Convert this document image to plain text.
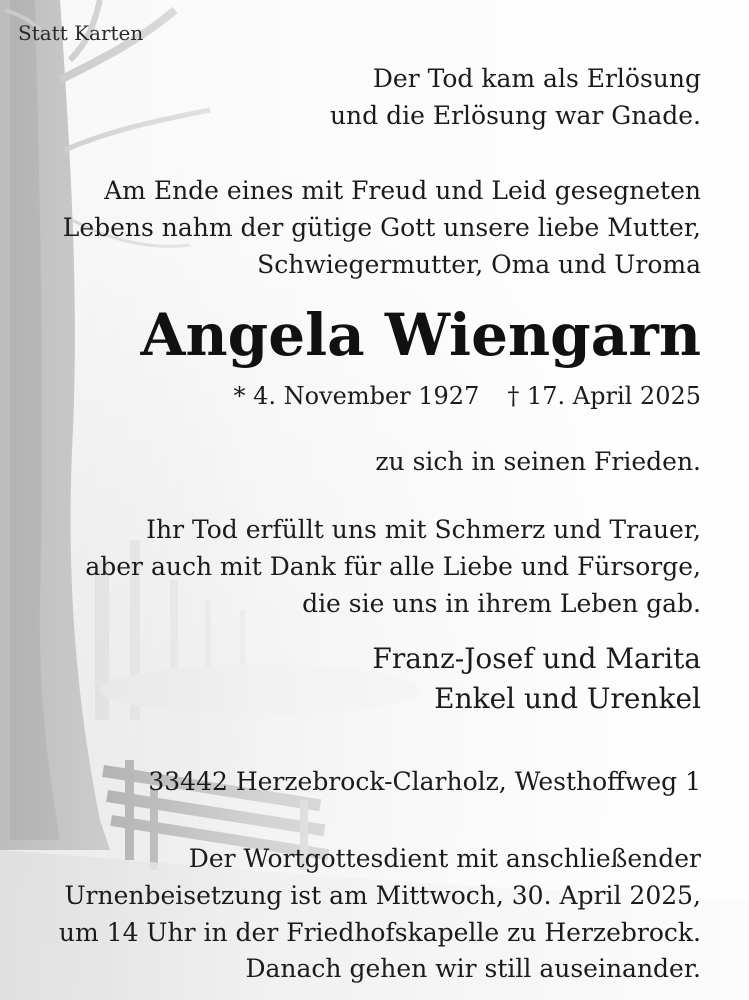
Statt Karten

Der Tod kam als Erlösung
und die Erlösung war Gnade.
Am Ende eines mit Freud und Leid gesegneten
Lebens nahm der gütige Gott unsere liebe Mutter,
Schwiegermutter, Oma und Uroma
Angela Wiengarn
* 4. November 1927 † 17. April 2025

zu sich in seinen Frieden.

Ihr Tod erfüllt uns mit Schmerz und Trauer,
aber auch mit Dank für alle Liebe und Fürsorge,
die sie uns in ihrem Leben gab.
Franz-Josef und Marita
Enkel und Urenkel

33442 Herzebrock-Clarholz, Westhoffweg 1

Der Wortgottesdient mit anschließender
Urnenbeisetzung ist am Mittwoch, 30. April 2025,
um 14 Uhr in der Friedhofskapelle zu Herzebrock.

Danach gehen wir still auseinander.
